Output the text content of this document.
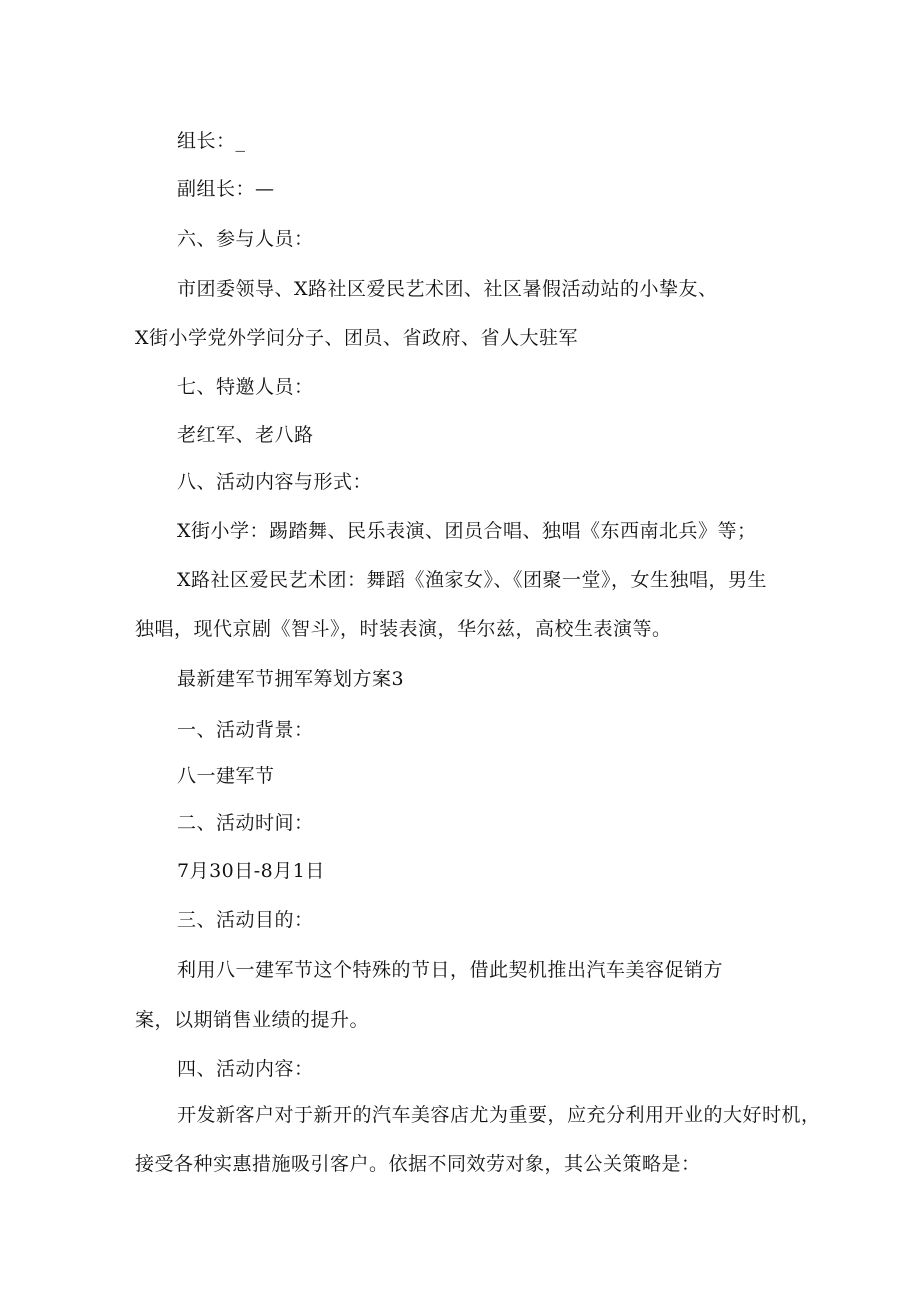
组长：_
副组长：—
六、参与人员：
市团委领导、X路社区爱民艺术团、社区暑假活动站的小挚友、
X街小学党外学问分子、团员、省政府、省人大驻军
七、特邀人员：
老红军、老八路
八、活动内容与形式：
X街小学：踢踏舞、民乐表演、团员合唱、独唱《东西南北兵》等；
X路社区爱民艺术团：舞蹈《渔家女》、《团聚一堂》，女生独唱，男生
独唱，现代京剧《智斗》，时装表演，华尔兹，高校生表演等。
最新建军节拥军筹划方案3
一、活动背景：
八一建军节
二、活动时间：
7月30日-8月1日
三、活动目的：
利用八一建军节这个特殊的节日，借此契机推出汽车美容促销方
案，以期销售业绩的提升。
四、活动内容：
开发新客户对于新开的汽车美容店尤为重要，应充分利用开业的大好时机，
接受各种实惠措施吸引客户。依据不同效劳对象，其公关策略是：
